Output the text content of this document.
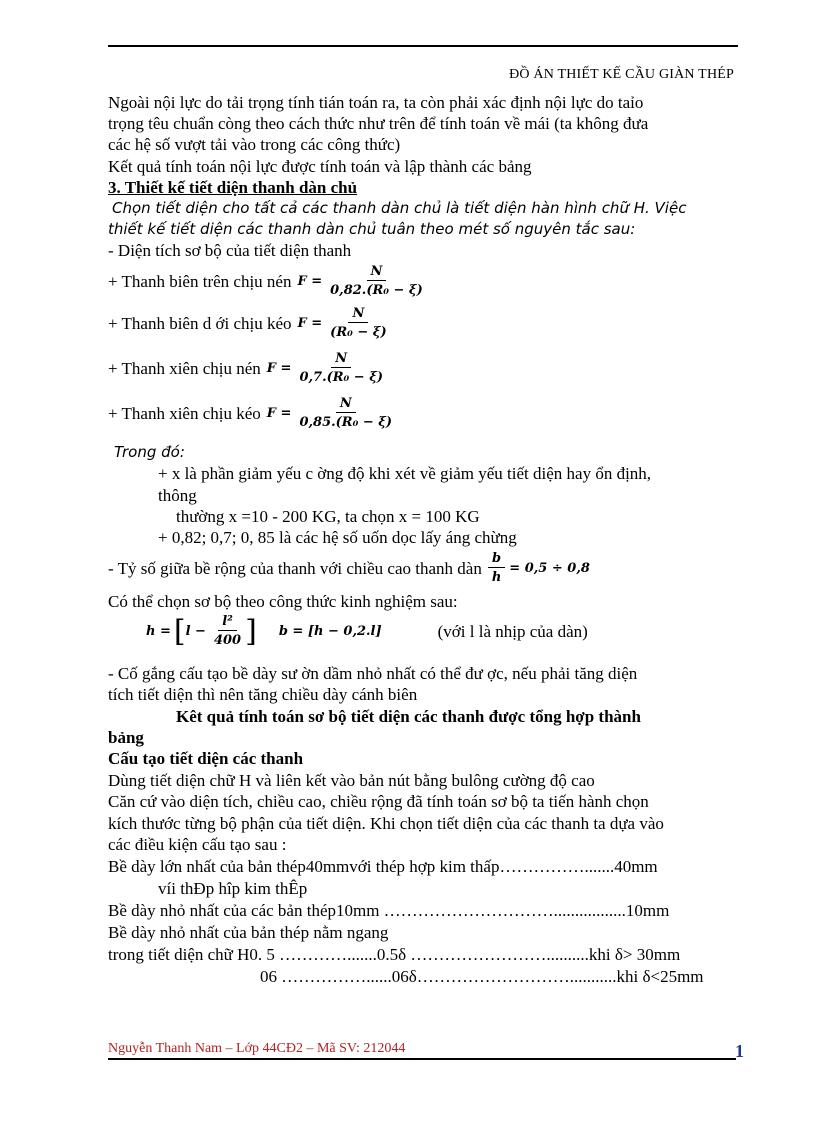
ĐỒ ÁN THIẾT KẾ CẦU GIÀN THÉP
Ngoài nội lực do tải trọng tính tián toán ra, ta còn phải xác định nội lực do taỉo
trọng têu chuẩn còng theo cách thức như trên để tính toán về mái (ta không đưa
các hệ số vượt tải vào trong các công thức)
Kết quả tính toán nội lực được tính toán và lập thành các bảng
3. Thiết kế tiết diện thanh dàn chủ
Chọn tiết diện cho tất cả các thanh dàn chủ là tiết diện hàn hình chữ H. Việc
thiết kế tiết diện các thanh dàn chủ tuân theo mét số nguyên tắc sau:
- Diện tích sơ bộ của tiết diện thanh
+ Thanh biên trên chịu nén $F = \frac{N}{\text{0,82.(R₀ − ξ)}}$
+ Thanh biên d ới chịu kéo $F = \frac{N}{\text{(R₀ − ξ)}}$
+ Thanh xiên chịu nén $F = \frac{N}{\text{0,7.(R₀ − ξ)}}$
+ Thanh xiên chịu kéo $F = \frac{N}{\text{0,85.(R₀ − ξ)}}$
Trong đó:
+ x là phần giảm yếu c ờng độ khi xét về giảm yếu tiết diện hay ổn định,
thông
thường x =10 - 200 KG, ta chọn x = 100 KG
+ 0,82; 0,7; 0, 85 là các hệ số uốn dọc lấy áng chừng
- Tỷ số giữa bề rộng của thanh với chiều cao thanh dàn $\frac{b}{h} = 0,5 \div 0,8$
Có thể chọn sơ bộ theo công thức kinh nghiệm sau:
h = [ $l - \frac{\text{l²}}{400}$ ] b = [h − 0,2.l]	(với l là nhịp của dàn)
- Cố gắng cấu tạo bề dày sư ờn dầm nhỏ nhất có thể đư ợc, nếu phải tăng diện
tích tiết diện thì nên tăng chiều dày cánh biên
Kêt quả tính toán sơ bộ tiết diện các thanh được tổng hợp thành
bảng
Cấu tạo tiết diện các thanh
Dùng tiết diện chữ H và liên kết vào bản nút bằng bulông cường độ cao
Căn cứ vào diện tích, chiều cao, chiều rộng đã tính toán sơ bộ ta tiến hành chọn
kích thước từng bộ phận của tiết diện. Khi chọn tiết diện của các thanh ta dựa vào
các điều kiện cấu tạo sau :
Bề dày lớn nhất của bản thép40mmvới thép hợp kim thấp…………….......40mm
víi thÐp hîp kim thÊp
Bề dày nhỏ nhất của các bản thép10mm ………………………….................10mm
Bề dày nhỏ nhất của bản thép nằm ngang
trong tiết diện chữ H0. 5 ………….......0.5δ ……………………..........khi δ> 30mm
06 ……………......06δ………………………...........khi δ<25mm
Nguyễn Thanh Nam – Lớp 44CĐ2 – Mã SV: 212044	1
